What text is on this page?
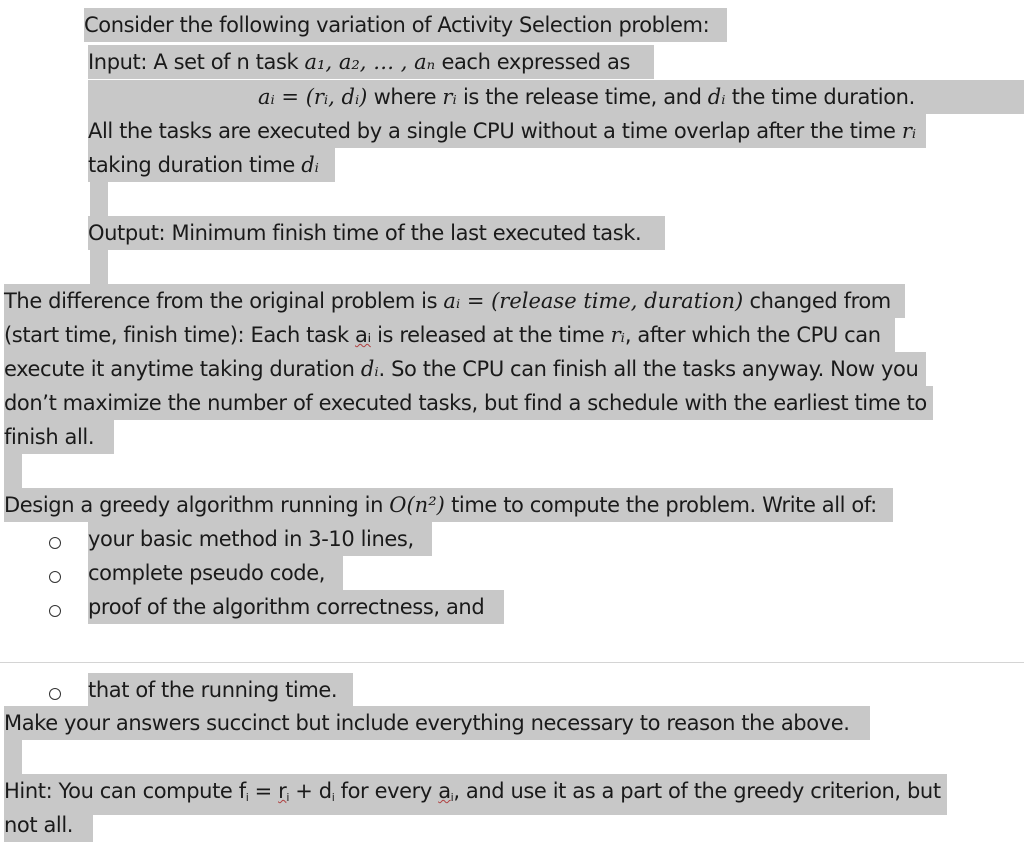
Consider the following variation of Activity Selection problem:
Input: A set of n task a₁, a₂, … , aₙ each expressed as
aᵢ = (rᵢ, dᵢ) where rᵢ is the release time, and dᵢ the time duration.
All the tasks are executed by a single CPU without a time overlap after the time rᵢ
taking duration time dᵢ
Output: Minimum finish time of the last executed task.
The difference from the original problem is aᵢ = (release time, duration) changed from
(start time, finish time): Each task aᵢ is released at the time rᵢ, after which the CPU can
execute it anytime taking duration dᵢ. So the CPU can finish all the tasks anyway. Now you
don’t maximize the number of executed tasks, but find a schedule with the earliest time to
finish all.
Design a greedy algorithm running in O(n²) time to compute the problem. Write all of:
your basic method in 3-10 lines,
complete pseudo code,
proof of the algorithm correctness, and
that of the running time.
Make your answers succinct but include everything necessary to reason the above.
Hint: You can compute fi = ri + di for every ai, and use it as a part of the greedy criterion, but
not all.
